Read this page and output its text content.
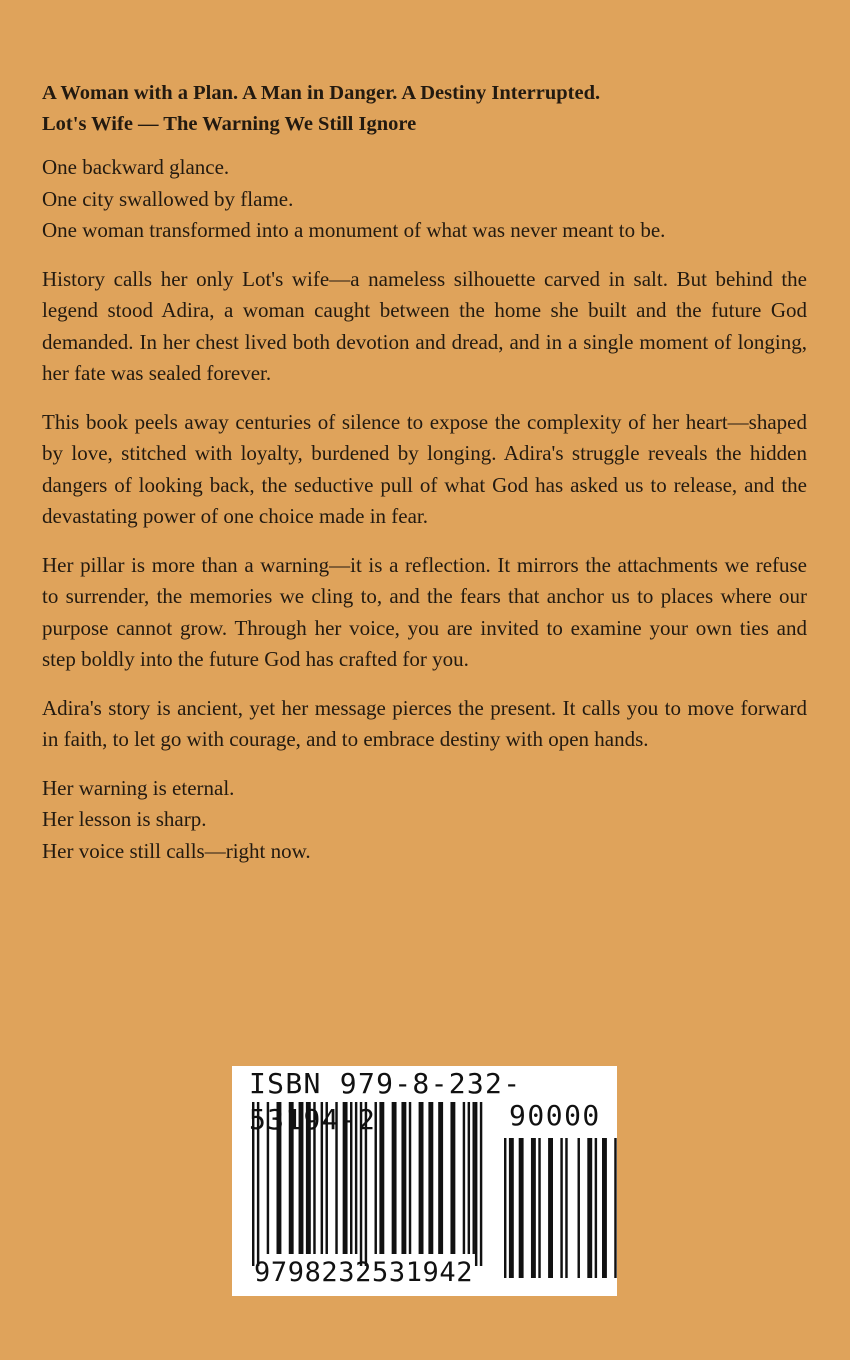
A Woman with a Plan. A Man in Danger. A Destiny Interrupted.
Lot's Wife — The Warning We Still Ignore

One backward glance.
One city swallowed by flame.
One woman transformed into a monument of what was never meant to be.

History calls her only Lot's wife—a nameless silhouette carved in salt. But behind the legend stood Adira, a woman caught between the home she built and the future God demanded. In her chest lived both devotion and dread, and in a single moment of longing, her fate was sealed forever.

This book peels away centuries of silence to expose the complexity of her heart—shaped by love, stitched with loyalty, burdened by longing. Adira's struggle reveals the hidden dangers of looking back, the seductive pull of what God has asked us to release, and the devastating power of one choice made in fear.

Her pillar is more than a warning—it is a reflection. It mirrors the attachments we refuse to surrender, the memories we cling to, and the fears that anchor us to places where our purpose cannot grow. Through her voice, you are invited to examine your own ties and step boldly into the future God has crafted for you.

Adira's story is ancient, yet her message pierces the present. It calls you to move forward in faith, to let go with courage, and to embrace destiny with open hands.

Her warning is eternal.
Her lesson is sharp.
Her voice still calls—right now.

ISBN 979-8-232-53194-2	90000
9798232531942
